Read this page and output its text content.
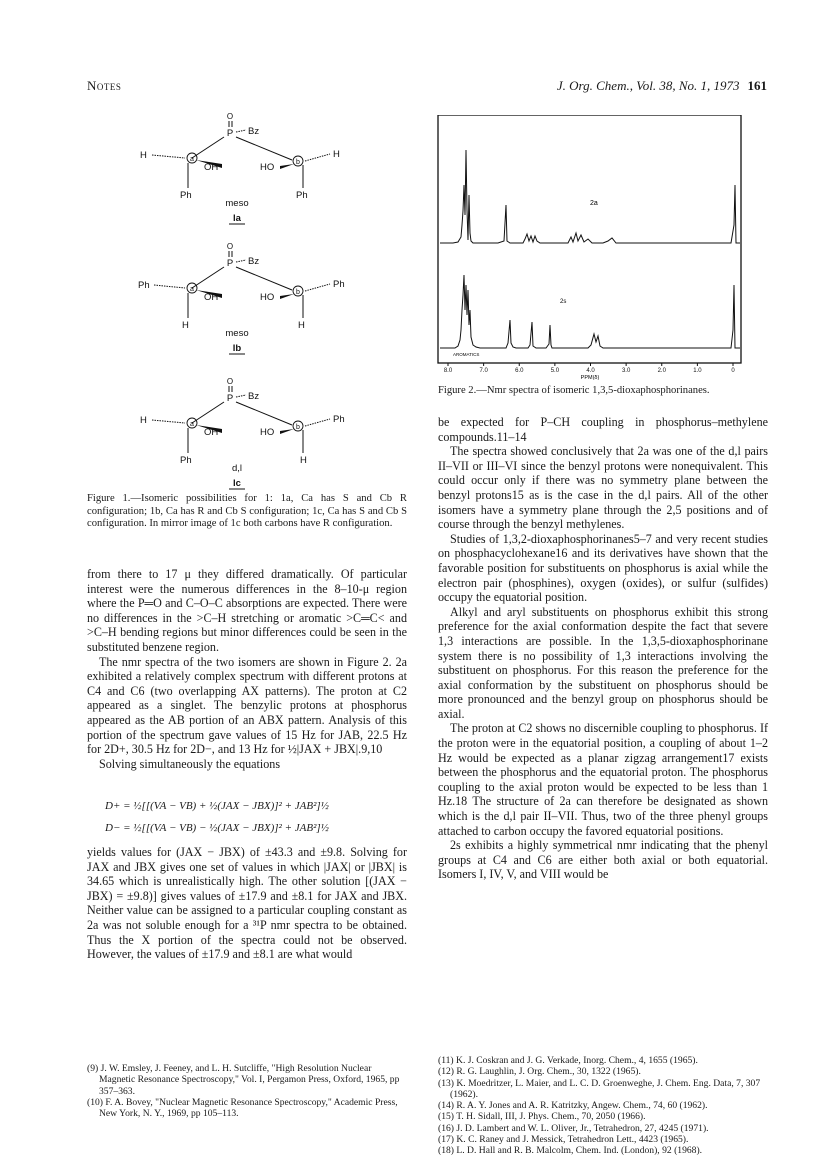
Notes	J. Org. Chem., Vol. 38, No. 1, 1973 161
O
P Bz
a	b
H
OH	HO
H
Ph	Ph
meso
la
O
P Bz
a	b
Ph
OH	HO
Ph
H	H
meso
lb
O
P Bz
a	b
H
OH	HO
Ph
Ph	H
d,l
lc
Figure 1.—Isomeric possibilities for 1: 1a, Ca has S and Cb R configuration; 1b, Ca has R and Cb S configuration; 1c, Ca has S and Cb S configuration. In mirror image of 1c both carbons have R configuration.

from there to 17 μ they differed dramatically. Of particular interest were the numerous differences in the 8–10-μ region where the P═O and C–O–C absorptions are expected. There were no differences in the >C–H stretching or aromatic >C═C< and >C–H bending regions but minor differences could be seen in the substituted benzene region.

The nmr spectra of the two isomers are shown in Figure 2. 2a exhibited a relatively complex spectrum with different protons at C4 and C6 (two overlapping AX patterns). The proton at C2 appeared as a singlet. The benzylic protons at phosphorus appeared as the AB portion of an ABX pattern. Analysis of this portion of the spectrum gave values of 15 Hz for JAB, 22.5 Hz for 2D+, 30.5 Hz for 2D−, and 13 Hz for ½|JAX + JBX|.9,10

Solving simultaneously the equations

D+ = ½[[(VA − VB) + ½(JAX − JBX)]² + JAB²]½
D− = ½[[(VA − VB) − ½(JAX − JBX)]² + JAB²]½

yields values for (JAX − JBX) of ±43.3 and ±9.8. Solving for JAX and JBX gives one set of values in which |JAX| or |JBX| is 34.65 which is unrealistically high. The other solution [(JAX − JBX) = ±9.8)] gives values of ±17.9 and ±8.1 for JAX and JBX. Neither value can be assigned to a particular coupling constant as 2a was not soluble enough for a ³¹P nmr spectra to be obtained. Thus the X portion of the spectra could not be observed. However, the values of ±17.9 and ±8.1 are what would

(9) J. W. Emsley, J. Feeney, and L. H. Sutcliffe, "High Resolution Nuclear Magnetic Resonance Spectroscopy," Vol. I, Pergamon Press, Oxford, 1965, pp 357–363.
(10) F. A. Bovey, "Nuclear Magnetic Resonance Spectroscopy," Academic Press, New York, N. Y., 1969, pp 105–113.
2a
2s
AROMATICS
8.0	7.0	6.0	5.0	4.0	3.0	2.0	1.0	0
PPM(δ)
Figure 2.—Nmr spectra of isomeric 1,3,5-dioxaphosphorinanes.

be expected for P–CH coupling in phosphorus–methylene compounds.11–14

The spectra showed conclusively that 2a was one of the d,l pairs II–VII or III–VI since the benzyl protons were nonequivalent. This could occur only if there was no symmetry plane between the benzyl protons15 as is the case in the d,l pairs. All of the other isomers have a symmetry plane through the 2,5 positions and of course through the benzyl methylenes.

Studies of 1,3,2-dioxaphosphorinanes5–7 and very recent studies on phosphacyclohexane16 and its derivatives have shown that the favorable position for substituents on phosphorus is axial while the electron pair (phosphines), oxygen (oxides), or sulfur (sulfides) occupy the equatorial position.

Alkyl and aryl substituents on phosphorus exhibit this strong preference for the axial conformation despite the fact that severe 1,3 interactions are possible. In the 1,3,5-dioxaphosphorinane system there is no possibility of 1,3 interactions involving the substituent on phosphorus. For this reason the preference for the axial conformation by the substituent on phosphorus should be more pronounced and the benzyl group on phosphorus should be axial.

The proton at C2 shows no discernible coupling to phosphorus. If the proton were in the equatorial position, a coupling of about 1–2 Hz would be expected as a planar zigzag arrangement17 exists between the phosphorus and the equatorial proton. The phosphorus coupling to the axial proton would be expected to be less than 1 Hz.18 The structure of 2a can therefore be designated as shown which is the d,l pair II–VII. Thus, two of the three phenyl groups attached to carbon occupy the favored equatorial positions.

2s exhibits a highly symmetrical nmr indicating that the phenyl groups at C4 and C6 are either both axial or both equatorial. Isomers I, IV, V, and VIII would be

(11) K. J. Coskran and J. G. Verkade, Inorg. Chem., 4, 1655 (1965).
(12) R. G. Laughlin, J. Org. Chem., 30, 1322 (1965).
(13) K. Moedritzer, L. Maier, and L. C. D. Groenweghe, J. Chem. Eng. Data, 7, 307 (1962).
(14) R. A. Y. Jones and A. R. Katritzky, Angew. Chem., 74, 60 (1962).
(15) T. H. Sidall, III, J. Phys. Chem., 70, 2050 (1966).
(16) J. D. Lambert and W. L. Oliver, Jr., Tetrahedron, 27, 4245 (1971).
(17) K. C. Raney and J. Messick, Tetrahedron Lett., 4423 (1965).
(18) L. D. Hall and R. B. Malcolm, Chem. Ind. (London), 92 (1968).
